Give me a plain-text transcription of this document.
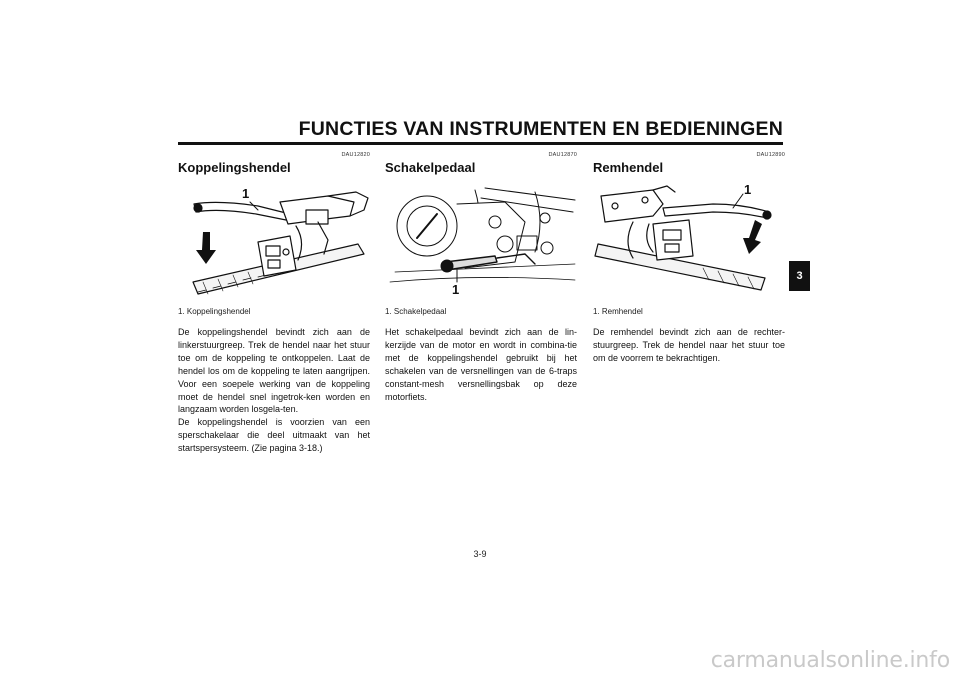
FUNCTIES VAN INSTRUMENTEN EN BEDIENINGEN
DAU12820
Koppelingshendel
1
1. Koppelingshendel

De koppelingshendel bevindt zich aan de linkerstuurgreep. Trek de hendel naar het stuur toe om de koppeling te ontkoppelen. Laat de hendel los om de koppeling te laten aangrijpen. Voor een soepele werking van de koppeling moet de hendel snel ingetrok-ken worden en langzaam worden losgela-ten.

De koppelingshendel is voorzien van een sperschakelaar die deel uitmaakt van het startspersysteem. (Zie pagina 3-18.)

DAU12870
Schakelpedaal
1
1. Schakelpedaal

Het schakelpedaal bevindt zich aan de lin-kerzijde van de motor en wordt in combina-tie met de koppelingshendel gebruikt bij het schakelen van de versnellingen van de 6-traps constant-mesh versnellingsbak op deze motorfiets.

DAU12890
Remhendel
1
1. Remhendel

De remhendel bevindt zich aan de rechter-stuurgreep. Trek de hendel naar het stuur toe om de voorrem te bekrachtigen.

3
3-9
carmanualsonline.info
